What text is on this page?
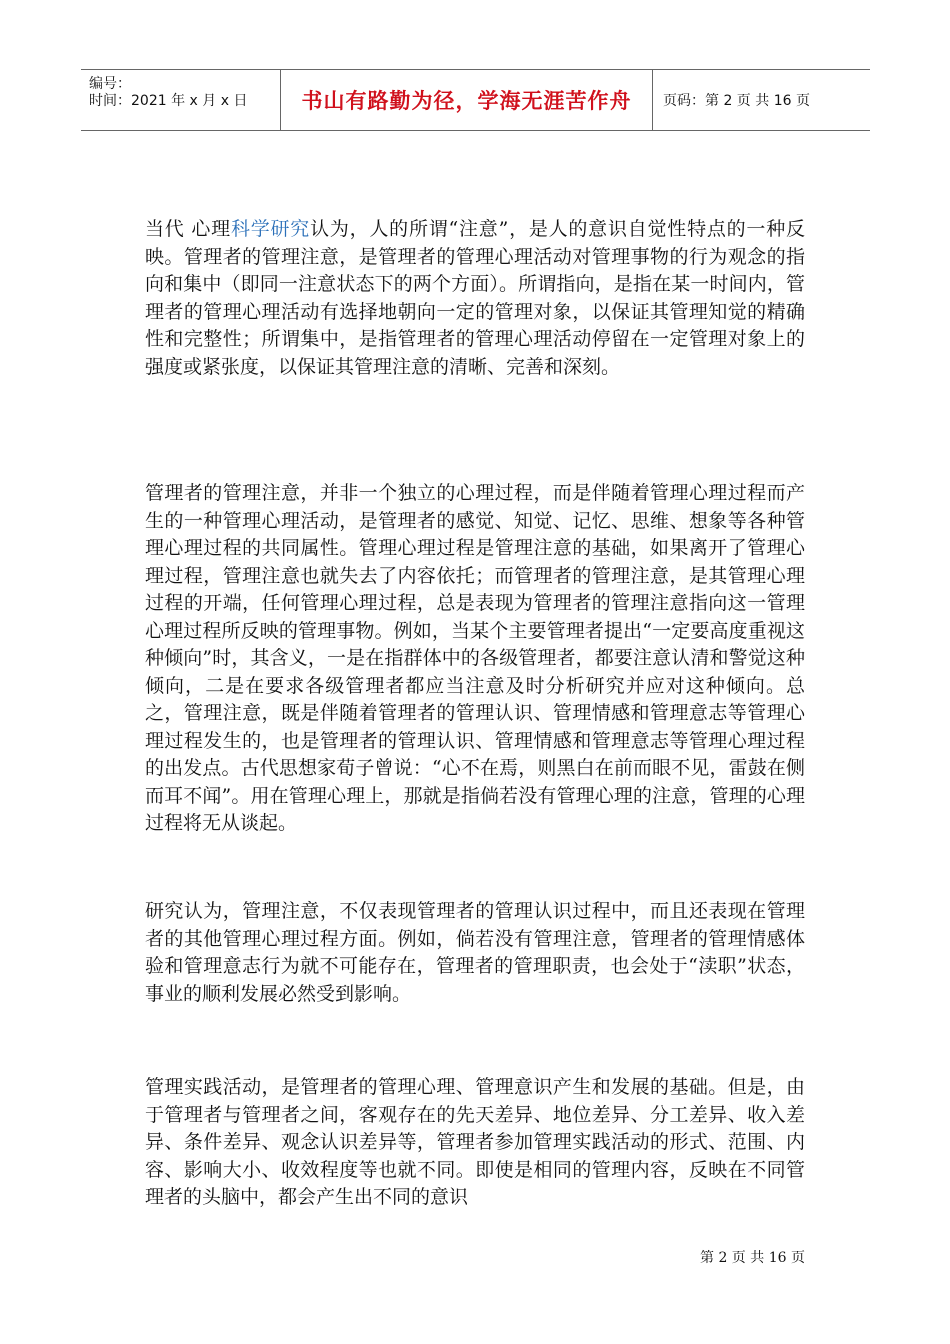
编号：
时间：2021 年 x 月 x 日	书山有路勤为径，学海无涯苦作舟 页码：第 2 页 共 16 页

当代 心理科学研究认为，人的所谓“注意”，是人的意识自觉性特点的一种反映。管理者的管理注意，是管理者的管理心理活动对管理事物的行为观念的指向和集中（即同一注意状态下的两个方面）。所谓指向，是指在某一时间内，管理者的管理心理活动有选择地朝向一定的管理对象，以保证其管理知觉的精确性和完整性；所谓集中，是指管理者的管理心理活动停留在一定管理对象上的强度或紧张度，以保证其管理注意的清晰、完善和深刻。

管理者的管理注意，并非一个独立的心理过程，而是伴随着管理心理过程而产生的一种管理心理活动，是管理者的感觉、知觉、记忆、思维、想象等各种管理心理过程的共同属性。管理心理过程是管理注意的基础，如果离开了管理心理过程，管理注意也就失去了内容依托；而管理者的管理注意，是其管理心理过程的开端，任何管理心理过程，总是表现为管理者的管理注意指向这一管理心理过程所反映的管理事物。例如，当某个主要管理者提出“一定要高度重视这种倾向”时，其含义，一是在指群体中的各级管理者，都要注意认清和警觉这种倾向，二是在要求各级管理者都应当注意及时分析研究并应对这种倾向。总之，管理注意，既是伴随着管理者的管理认识、管理情感和管理意志等管理心理过程发生的，也是管理者的管理认识、管理情感和管理意志等管理心理过程的出发点。古代思想家荀子曾说：“心不在焉，则黑白在前而眼不见，雷鼓在侧而耳不闻”。用在管理心理上，那就是指倘若没有管理心理的注意，管理的心理过程将无从谈起。

研究认为，管理注意，不仅表现管理者的管理认识过程中，而且还表现在管理者的其他管理心理过程方面。例如，倘若没有管理注意，管理者的管理情感体验和管理意志行为就不可能存在，管理者的管理职责，也会处于“渎职”状态，事业的顺利发展必然受到影响。

管理实践活动，是管理者的管理心理、管理意识产生和发展的基础。但是，由于管理者与管理者之间，客观存在的先天差异、地位差异、分工差异、收入差异、条件差异、观念认识差异等，管理者参加管理实践活动的形式、范围、内容、影响大小、收效程度等也就不同。即使是相同的管理内容，反映在不同管理者的头脑中，都会产生出不同的意识

第 2 页 共 16 页
